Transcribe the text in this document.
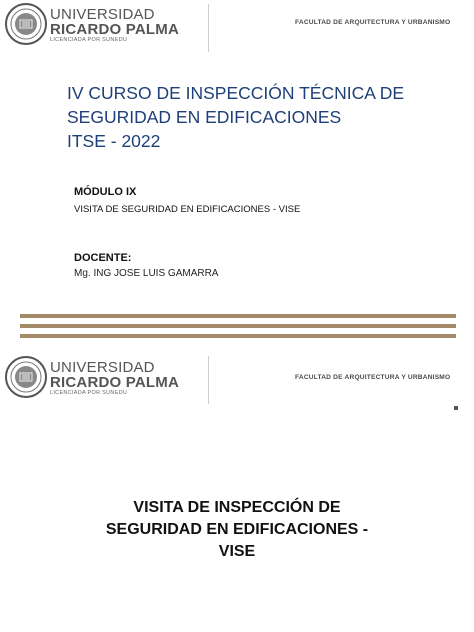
UNIVERSIDAD
RICARDO PALMA
LICENCIADA POR SUNEDU
FACULTAD DE ARQUITECTURA Y URBANISMO
IV CURSO DE INSPECCIÓN TÉCNICA DE
SEGURIDAD EN EDIFICACIONES
ITSE - 2022
MÓDULO IX
VISITA DE SEGURIDAD EN EDIFICACIONES - VISE
DOCENTE:
Mg. ING JOSE LUIS GAMARRA
UNIVERSIDAD
RICARDO PALMA
LICENCIADA POR SUNEDU
FACULTAD DE ARQUITECTURA Y URBANISMO
VISITA DE INSPECCIÓN DE
SEGURIDAD EN EDIFICACIONES -
VISE
